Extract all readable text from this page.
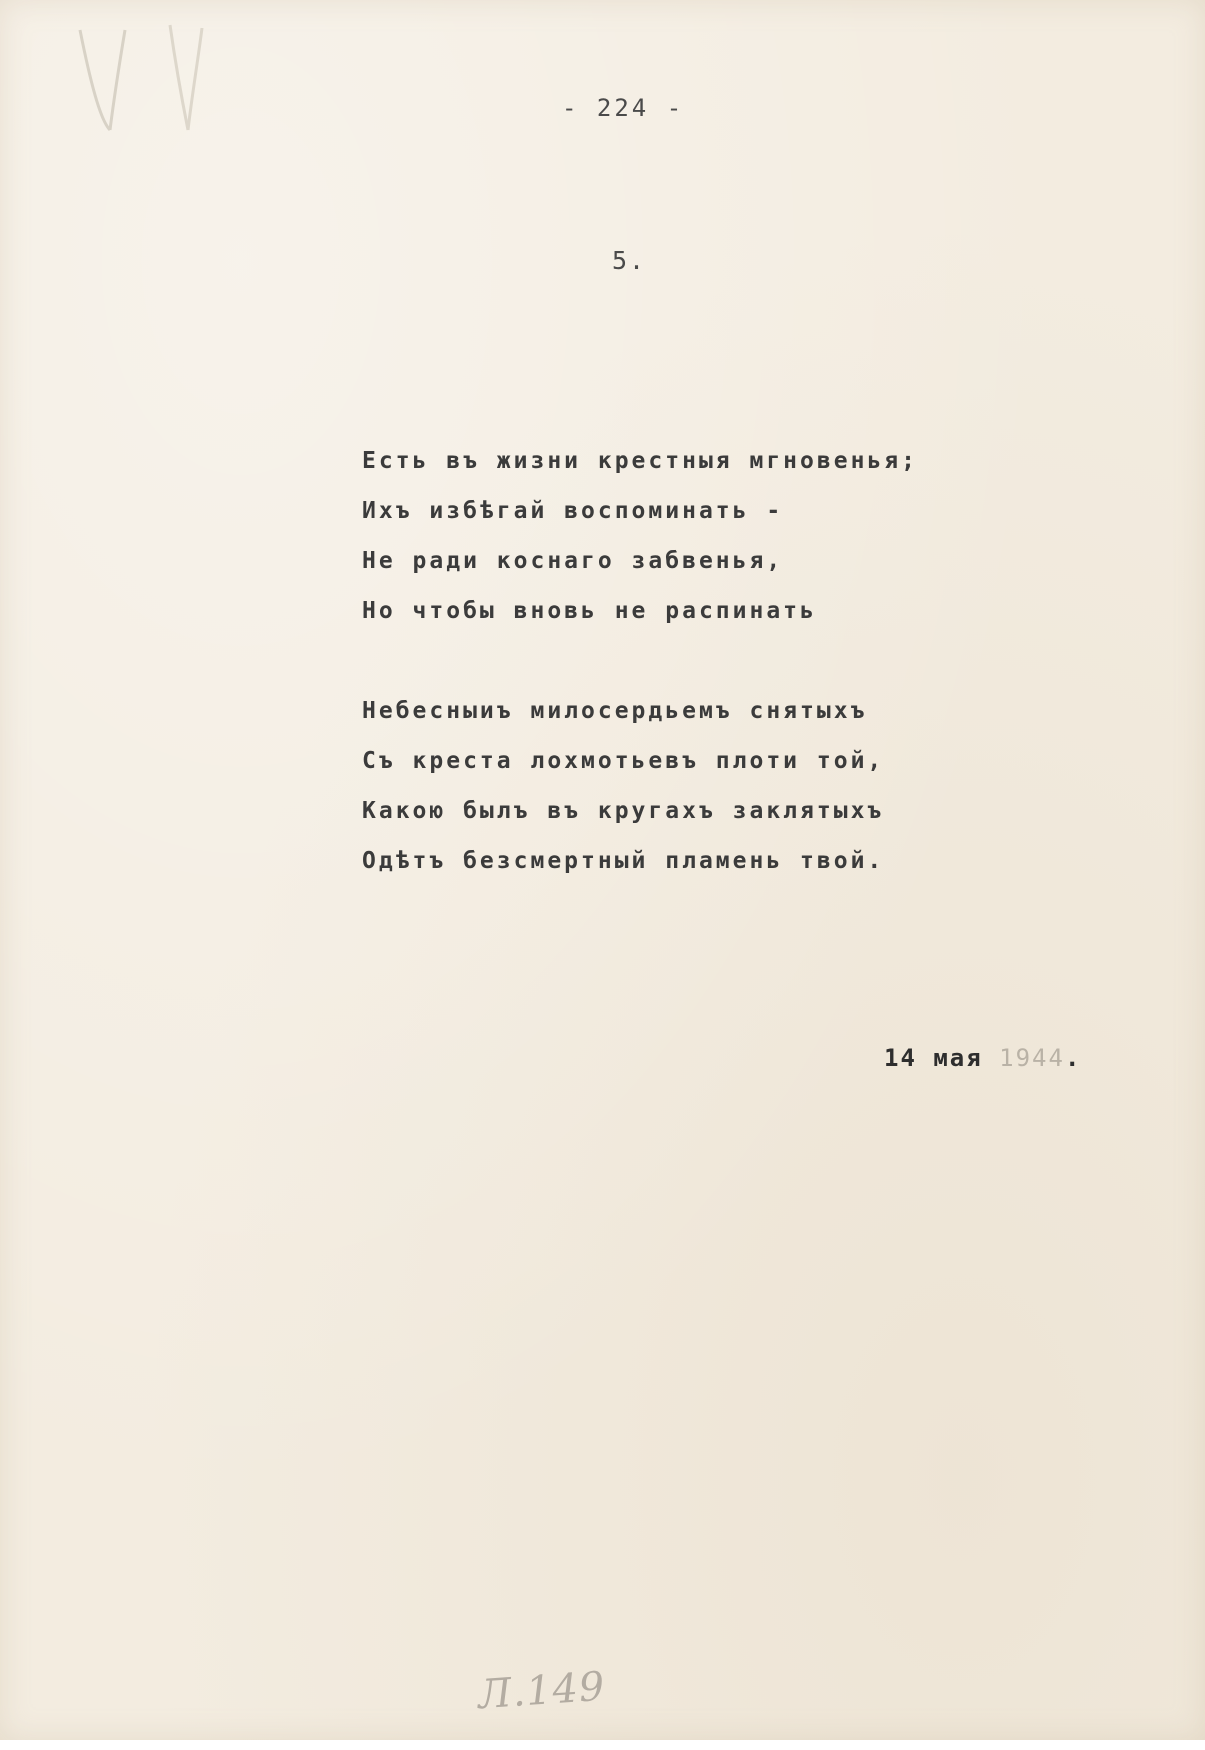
- 224 -
5.
Есть въ жизни крестныя мгновенья;
Ихъ избѣгай воспоминать -
Не ради коснаго забвенья,
Но чтобы вновь не распинать
Небесныиъ милосердьемъ снятыхъ
Съ креста лохмотьевъ плоти той,
Какою былъ въ кругахъ заклятыхъ
Одѣтъ безсмертный пламень твой.
14 мая 1944.
Л.149
